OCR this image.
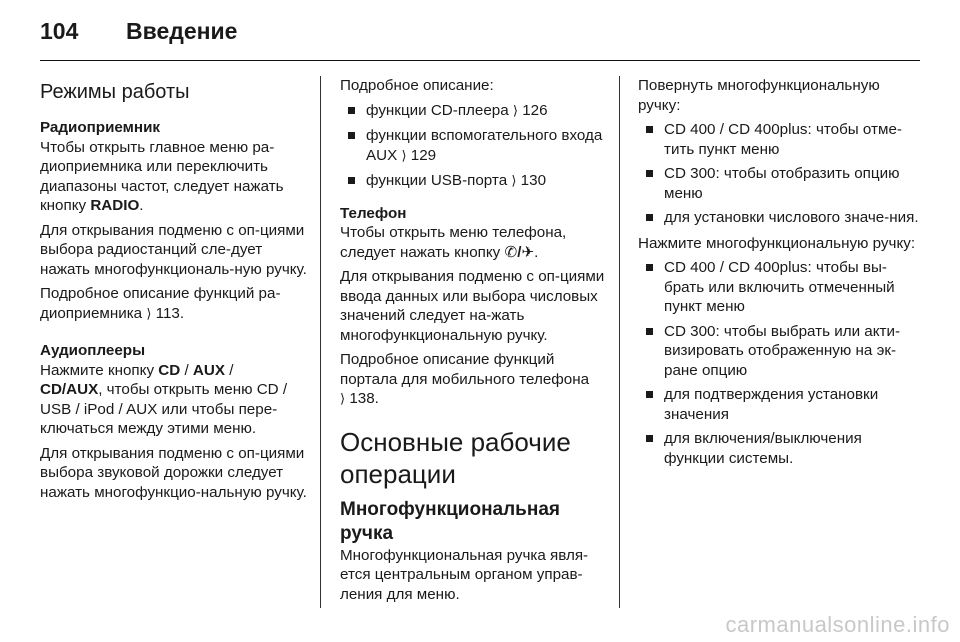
104	Введение
Режимы работы
Радиоприемник

Чтобы открыть главное меню ра-диоприемника или переключить диапазоны частот, следует нажать кнопку RADIO.

Для открывания подменю с оп-циями выбора радиостанций сле-дует нажать многофункциональ-ную ручку.

Подробное описание функций ра-диоприемника ⟩ 113.

Аудиоплееры

Нажмите кнопку CD / AUX /
CD/AUX, чтобы открыть меню CD / USB / iPod / AUX или чтобы пере-ключаться между этими меню.

Для открывания подменю с оп-циями выбора звуковой дорожки следует нажать многофункцио-нальную ручку.

Подробное описание:

функции CD-плеера ⟩ 126
функции вспомогательного входа AUX ⟩ 129
функции USB-порта ⟩ 130
Телефон

Чтобы открыть меню телефона, следует нажать кнопку ✆/✈.

Для открывания подменю с оп-циями ввода данных или выбора числовых значений следует на-жать многофункциональную ручку.

Подробное описание функций портала для мобильного телефона
⟩ 138.

Основные рабочие операции
Многофункциональная ручка

Многофункциональная ручка явля-ется центральным органом управ-ления для меню.

Повернуть многофункциональную ручку:

CD 400 / CD 400plus: чтобы отме-тить пункт меню
CD 300: чтобы отобразить опцию меню
для установки числового значе-ния.

Нажмите многофункциональную ручку:

CD 400 / CD 400plus: чтобы вы-брать или включить отмеченный пункт меню
CD 300: чтобы выбрать или акти-визировать отображенную на эк-ране опцию
для подтверждения установки значения
для включения/выключения функции системы.
carmanualsonline.info
